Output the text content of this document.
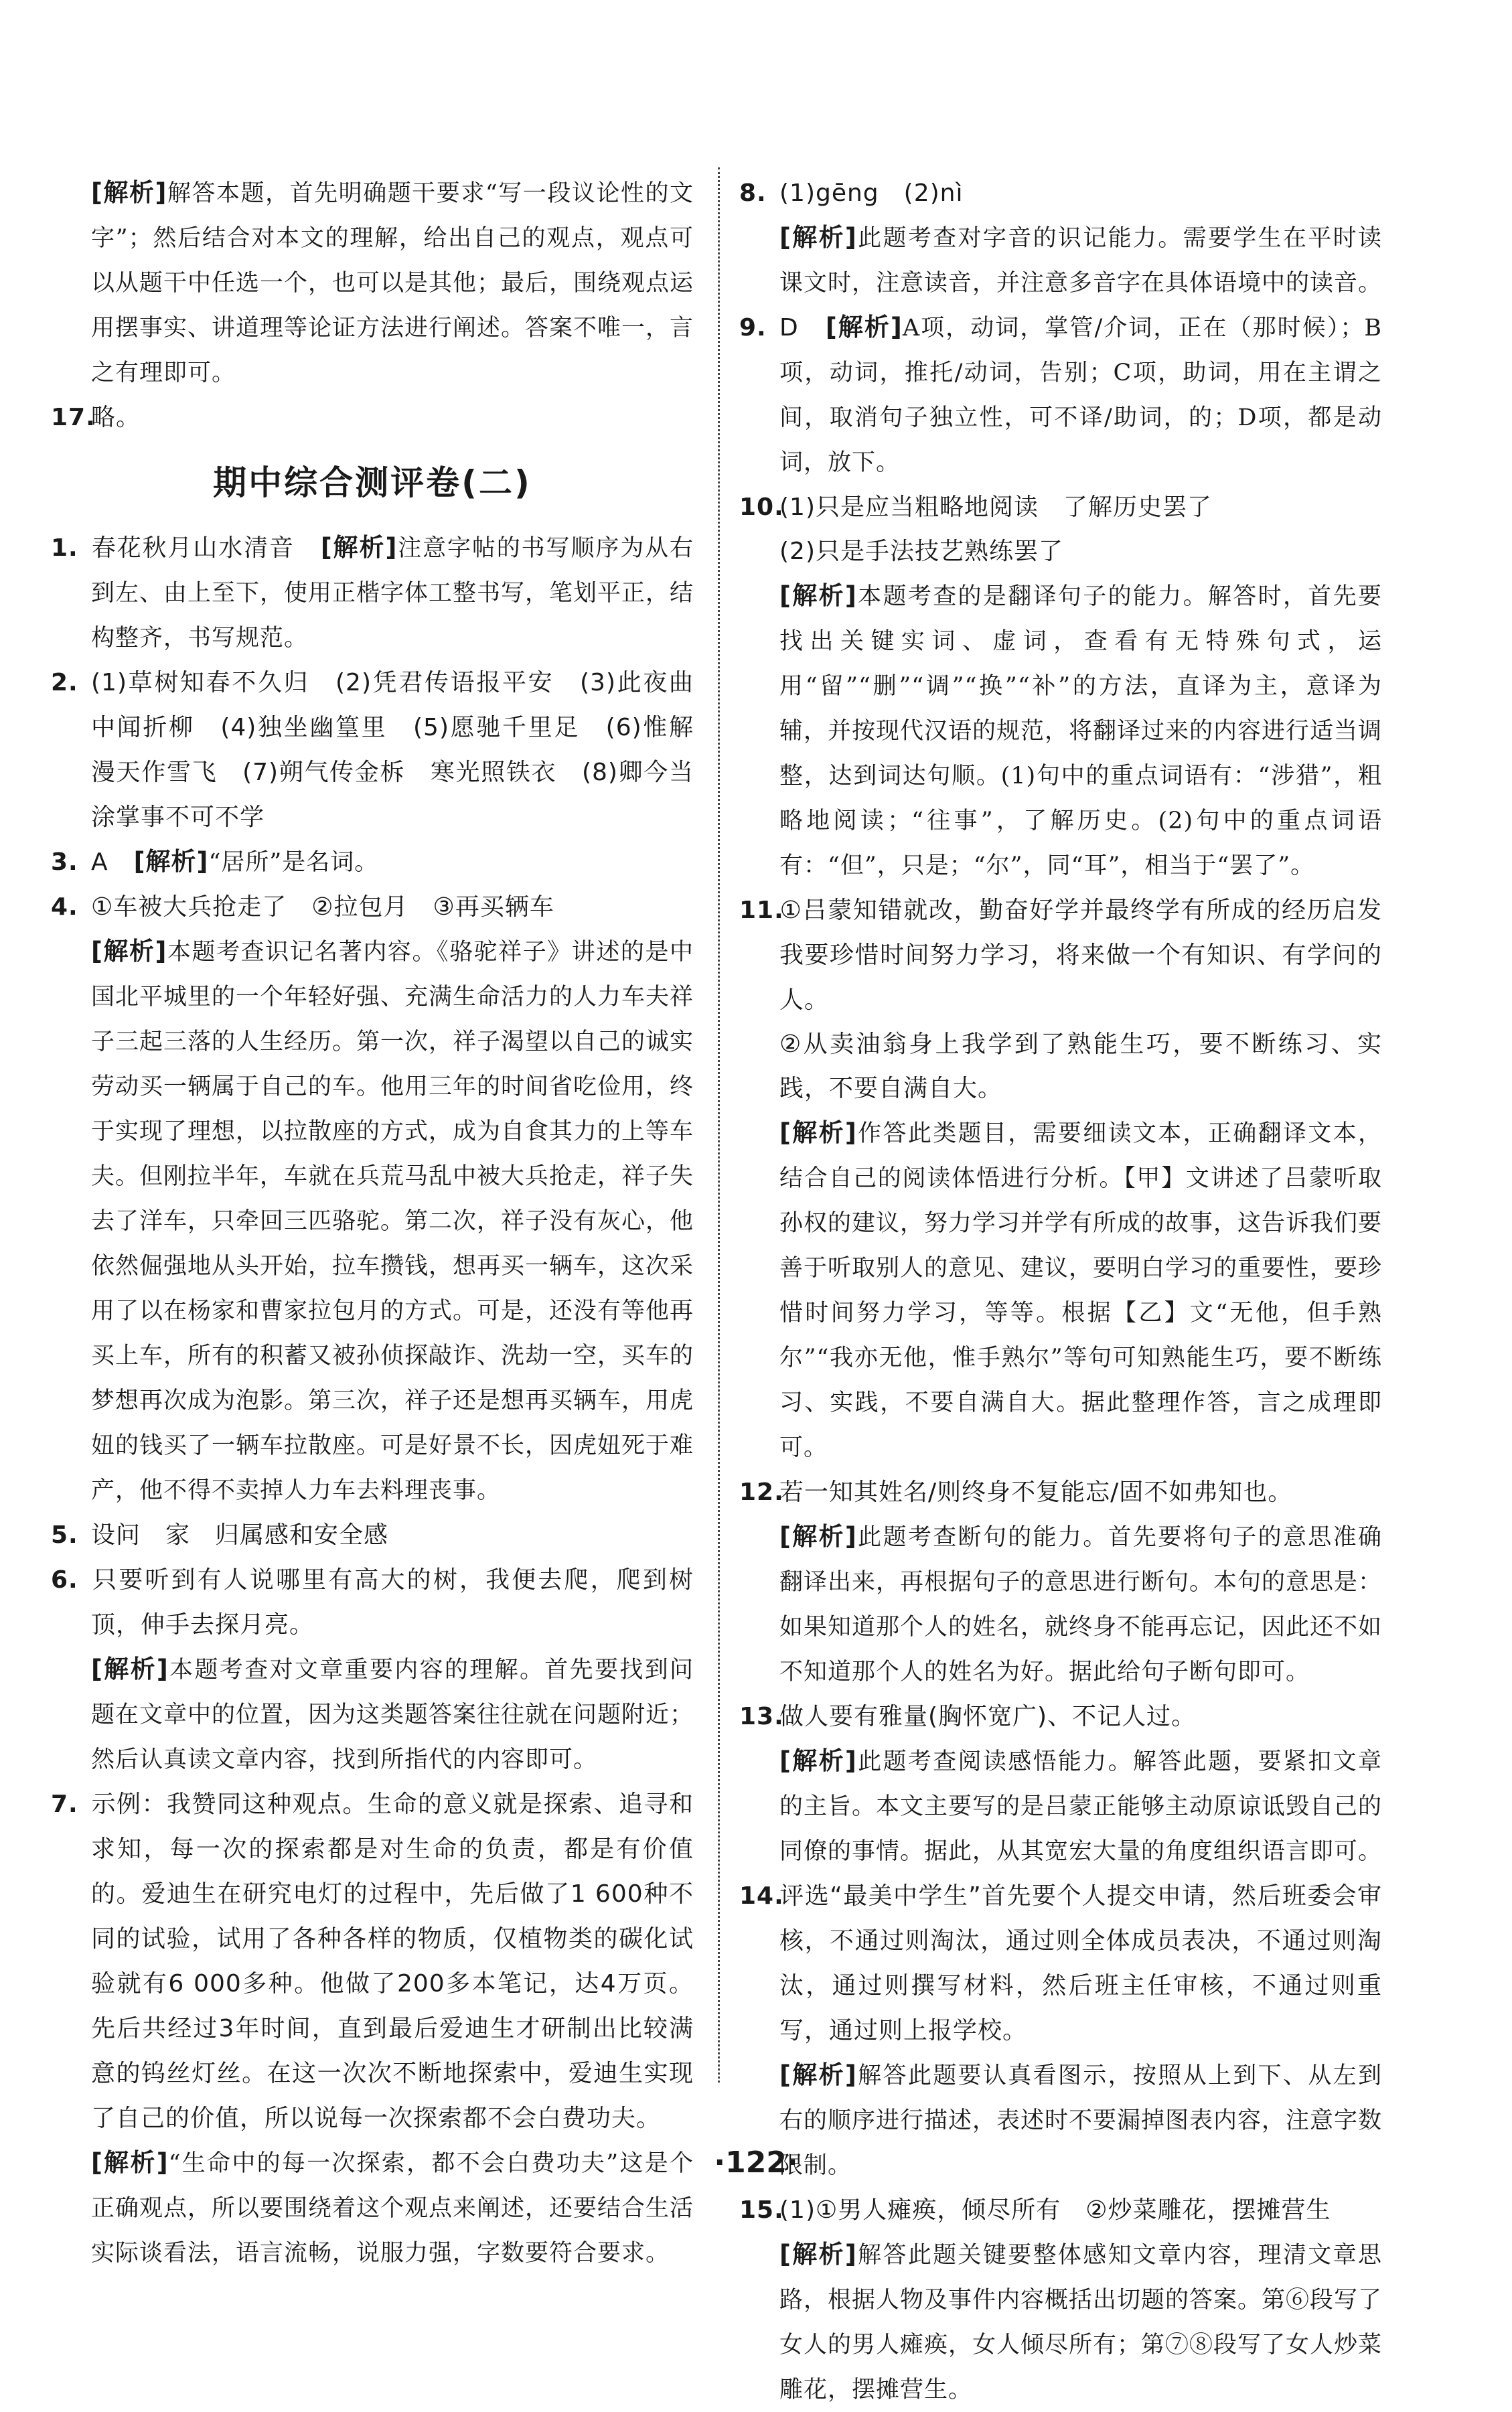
[解析]解答本题，首先明确题干要求“写一段议论性的文字”；然后结合对本文的理解，给出自己的观点，观点可以从题干中任选一个，也可以是其他；最后，围绕观点运用摆事实、讲道理等论证方法进行阐述。答案不唯一，言之有理即可。

17.略。

期中综合测评卷(二)

1. 春花秋月山水清音　 [解析]注意字帖的书写顺序为从右到左、由上至下，使用正楷字体工整书写，笔划平正，结构整齐，书写规范。

2. (1)草树知春不久归　(2)凭君传语报平安　(3)此夜曲中闻折柳　(4)独坐幽篁里　(5)愿驰千里足　(6)惟解漫天作雪飞　(7)朔气传金柝　寒光照铁衣　(8)卿今当涂掌事不可不学

3. A　 [解析]“居所”是名词。

4. ①车被大兵抢走了　②拉包月　③再买辆车

[解析]本题考查识记名著内容。《骆驼祥子》讲述的是中国北平城里的一个年轻好强、充满生命活力的人力车夫祥子三起三落的人生经历。第一次，祥子渴望以自己的诚实劳动买一辆属于自己的车。他用三年的时间省吃俭用，终于实现了理想，以拉散座的方式，成为自食其力的上等车夫。但刚拉半年，车就在兵荒马乱中被大兵抢走，祥子失去了洋车，只牵回三匹骆驼。第二次，祥子没有灰心，他依然倔强地从头开始，拉车攒钱，想再买一辆车，这次采用了以在杨家和曹家拉包月的方式。可是，还没有等他再买上车，所有的积蓄又被孙侦探敲诈、洗劫一空，买车的梦想再次成为泡影。第三次，祥子还是想再买辆车，用虎妞的钱买了一辆车拉散座。可是好景不长，因虎妞死于难产，他不得不卖掉人力车去料理丧事。

5. 设问　家　归属感和安全感

6. 只要听到有人说哪里有高大的树，我便去爬，爬到树顶，伸手去探月亮。

[解析]本题考查对文章重要内容的理解。首先要找到问题在文章中的位置，因为这类题答案往往就在问题附近；然后认真读文章内容，找到所指代的内容即可。

7. 示例：我赞同这种观点。生命的意义就是探索、追寻和求知，每一次的探索都是对生命的负责，都是有价值的。爱迪生在研究电灯的过程中，先后做了1 600种不同的试验，试用了各种各样的物质，仅植物类的碳化试验就有6 000多种。他做了200多本笔记，达4万页。先后共经过3年时间，直到最后爱迪生才研制出比较满意的钨丝灯丝。在这一次次不断地探索中，爱迪生实现了自己的价值，所以说每一次探索都不会白费功夫。

[解析]“生命中的每一次探索，都不会白费功夫”这是个正确观点，所以要围绕着这个观点来阐述，还要结合生活实际谈看法，语言流畅，说服力强，字数要符合要求。

8. (1)gēng　(2)nì

[解析]此题考查对字音的识记能力。需要学生在平时读课文时，注意读音，并注意多音字在具体语境中的读音。

9. D　 [解析]A项，动词，掌管/介词，正在（那时候）；B项，动词，推托/动词，告别；C项，助词，用在主谓之间，取消句子独立性，可不译/助词，的；D项，都是动词，放下。

10.(1)只是应当粗略地阅读　了解历史罢了

(2)只是手法技艺熟练罢了

[解析]本题考查的是翻译句子的能力。解答时，首先要找出关键实词、虚词，查看有无特殊句式，运用“留”“删”“调”“换”“补”的方法，直译为主，意译为辅，并按现代汉语的规范，将翻译过来的内容进行适当调整，达到词达句顺。(1)句中的重点词语有：“涉猎”，粗略地阅读；“往事”，了解历史。(2)句中的重点词语有：“但”，只是；“尔”，同“耳”，相当于“罢了”。

11.①吕蒙知错就改，勤奋好学并最终学有所成的经历启发我要珍惜时间努力学习，将来做一个有知识、有学问的人。

②从卖油翁身上我学到了熟能生巧，要不断练习、实践，不要自满自大。

[解析]作答此类题目，需要细读文本，正确翻译文本，结合自己的阅读体悟进行分析。【甲】文讲述了吕蒙听取孙权的建议，努力学习并学有所成的故事，这告诉我们要善于听取别人的意见、建议，要明白学习的重要性，要珍惜时间努力学习，等等。根据【乙】文“无他，但手熟尔”“我亦无他，惟手熟尔”等句可知熟能生巧，要不断练习、实践，不要自满自大。据此整理作答，言之成理即可。

12.若一知其姓名/则终身不复能忘/固不如弗知也。

[解析]此题考查断句的能力。首先要将句子的意思准确翻译出来，再根据句子的意思进行断句。本句的意思是：如果知道那个人的姓名，就终身不能再忘记，因此还不如不知道那个人的姓名为好。据此给句子断句即可。

13.做人要有雅量(胸怀宽广)、不记人过。

[解析]此题考查阅读感悟能力。解答此题，要紧扣文章的主旨。本文主要写的是吕蒙正能够主动原谅诋毁自己的同僚的事情。据此，从其宽宏大量的角度组织语言即可。

14.评选“最美中学生”首先要个人提交申请，然后班委会审核，不通过则淘汰，通过则全体成员表决，不通过则淘汰，通过则撰写材料，然后班主任审核，不通过则重写，通过则上报学校。

[解析]解答此题要认真看图示，按照从上到下、从左到右的顺序进行描述，表述时不要漏掉图表内容，注意字数限制。

15.(1)①男人瘫痪，倾尽所有　②炒菜雕花，摆摊营生

[解析]解答此题关键要整体感知文章内容，理清文章思路，根据人物及事件内容概括出切题的答案。第⑥段写了女人的男人瘫痪，女人倾尽所有；第⑦⑧段写了女人炒菜雕花，摆摊营生。

·122·
